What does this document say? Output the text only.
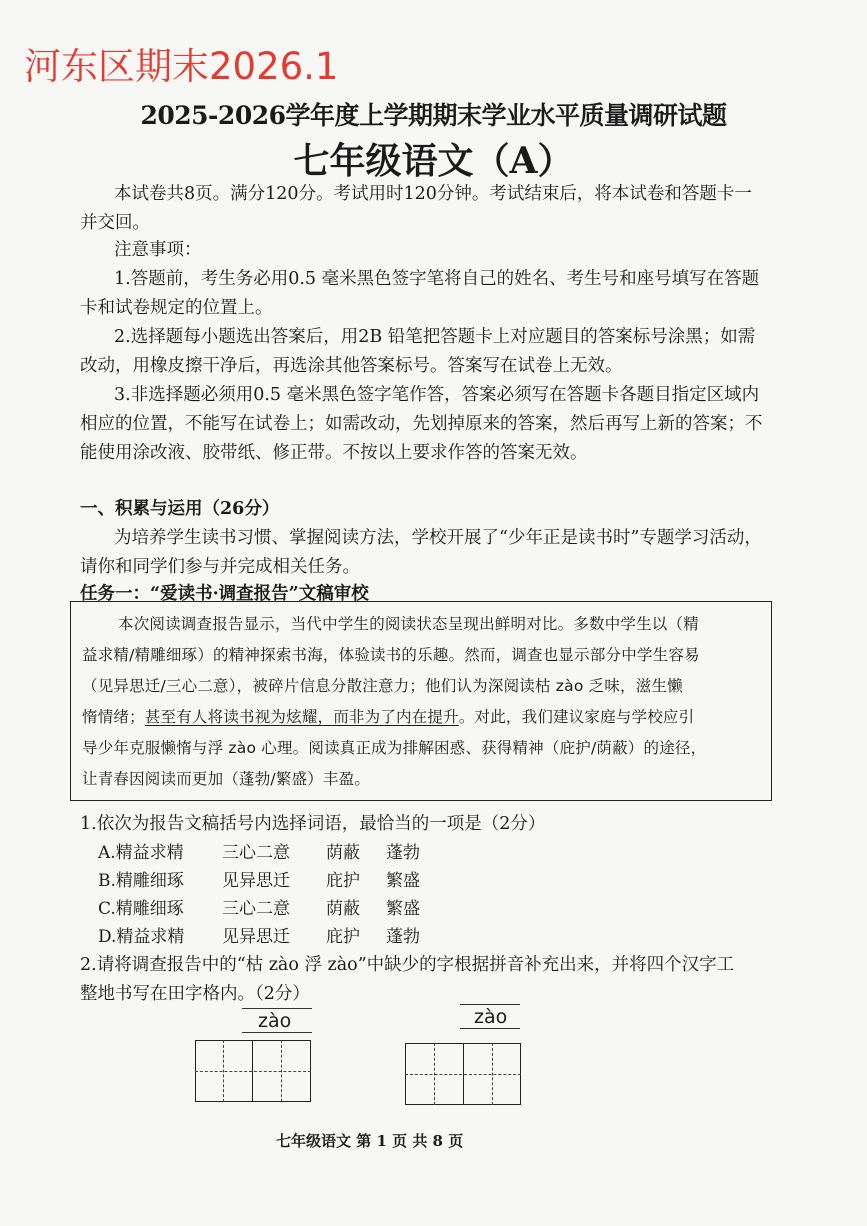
河东区期末2026.1
2025-2026学年度上学期期末学业水平质量调研试题
七年级语文（A）
本试卷共8页。满分120分。考试用时120分钟。考试结束后，将本试卷和答题卡一
并交回。
注意事项：
1.答题前，考生务必用0.5 毫米黑色签字笔将自己的姓名、考生号和座号填写在答题
卡和试卷规定的位置上。
2.选择题每小题选出答案后，用2B 铅笔把答题卡上对应题目的答案标号涂黑；如需
改动，用橡皮擦干净后，再选涂其他答案标号。答案写在试卷上无效。
3.非选择题必须用0.5 毫米黑色签字笔作答，答案必须写在答题卡各题目指定区域内
相应的位置，不能写在试卷上；如需改动，先划掉原来的答案，然后再写上新的答案；不
能使用涂改液、胶带纸、修正带。不按以上要求作答的答案无效。
一、积累与运用（26分）
为培养学生读书习惯、掌握阅读方法，学校开展了“少年正是读书时”专题学习活动，
请你和同学们参与并完成相关任务。
任务一：“爱读书·调查报告”文稿审校
本次阅读调查报告显示，当代中学生的阅读状态呈现出鲜明对比。多数中学生以（精
益求精/精雕细琢）的精神探索书海，体验读书的乐趣。然而，调查也显示部分中学生容易
（见异思迁/三心二意），被碎片信息分散注意力；他们认为深阅读枯 zào 乏味，滋生懒
惰情绪；甚至有人将读书视为炫耀，而非为了内在提升。对此，我们建议家庭与学校应引
导少年克服懒惰与浮 zào 心理。阅读真正成为排解困惑、获得精神（庇护/荫蔽）的途径，
让青春因阅读而更加（蓬勃/繁盛）丰盈。
1.依次为报告文稿括号内选择词语，最恰当的一项是（2分）
A.精益求精 三心二意 荫蔽 蓬勃
B.精雕细琢 见异思迁 庇护 繁盛
C.精雕细琢 三心二意 荫蔽 繁盛
D.精益求精 见异思迁 庇护 蓬勃
2.请将调查报告中的“枯 zào 浮 zào”中缺少的字根据拼音补充出来，并将四个汉字工
整地书写在田字格内。（2分）
zào	zào
七年级语文 第 1 页 共 8 页
